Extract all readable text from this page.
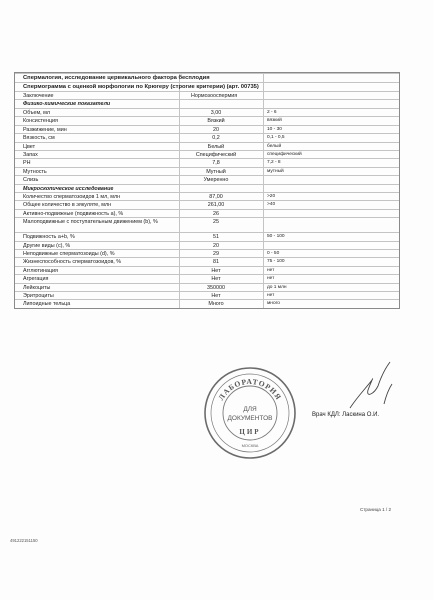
Спермалогия, исследование цервикального фактора бесплодия
Спермограмма с оценкой морфологии по Крюгеру (строгие критерии) (арт. 00735)
Заключение	Нормозооспермия
Физико-химические показатели
Объем, мл	3,00	2 - 6
Консистенция	Вязкий	вязкий
Разжижение, мин	20	10 - 30
Вязкость, см	0,2	0,1 - 0,5
Цвет	Белый	белый
Запах	Специфический	специфический
PH	7,8	7,2 - 8
Мутность	Мутный	мутный
Слизь	Умеренно
Микроскопическое исследование
Количество сперматозоидов 1 мл, млн	87,00	>20
Общее количество в эякуляте, млн	261,00	>40
Активно-подвижные (подвижность a), %	26
Малоподвижные с поступательным движением (b), %	25
Подвижность a+b, %	51	50 - 100
Другие виды (c), %	20
Неподвижные сперматозоиды (d), %	29	0 - 50
Жизнеспособность сперматозоидов, %	81	75 - 100
Агглютинация	Нет	нет
Агрегация	Нет	нет
Лейкоциты	350000	до 1 млн
Эритроциты	Нет	нет
Липоидные тельца	Много	много
ЛАБОРАТОРИЯ
ДЛЯ
ДОКУМЕНТОВ
ЦИР
МОСКВА
Врач КДЛ: Ласкина О.И.
Страница 1 / 2
491222151150
